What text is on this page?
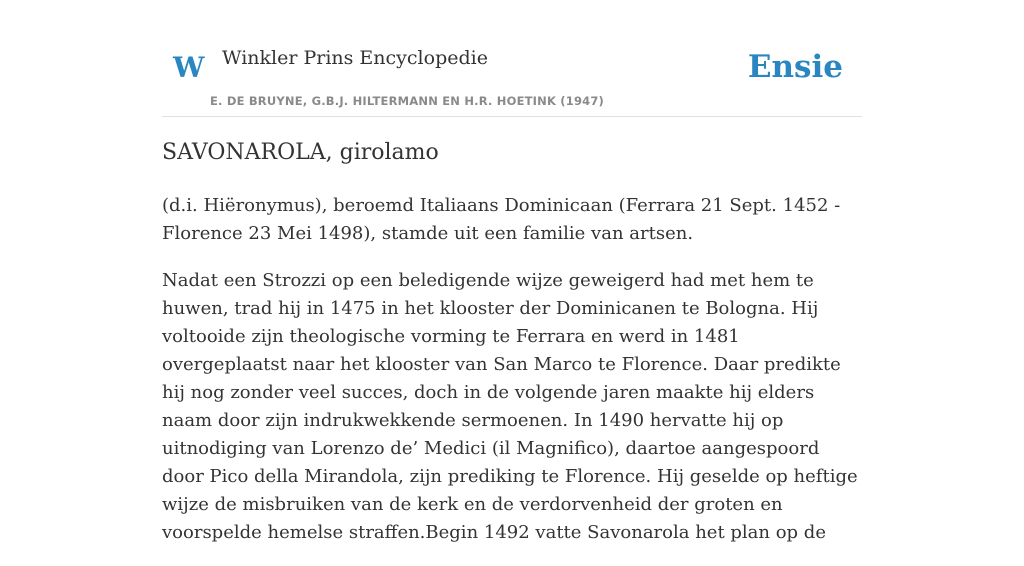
W Winkler Prins Encyclopedie
E. DE BRUYNE, G.B.J. HILTERMANN EN H.R. HOETINK (1947)
Ensie
SAVONAROLA, girolamo

(d.i. Hiëronymus), beroemd Italiaans Dominicaan (Ferrara 21 Sept. 1452 - Florence 23 Mei 1498), stamde uit een familie van artsen.

Nadat een Strozzi op een beledigende wijze geweigerd had met hem te huwen, trad hij in 1475 in het klooster der Dominicanen te Bologna. Hij voltooide zijn theologische vorming te Ferrara en werd in 1481 overgeplaatst naar het klooster van San Marco te Florence. Daar predikte hij nog zonder veel succes, doch in de volgende jaren maakte hij elders naam door zijn indrukwekkende sermoenen. In 1490 hervatte hij op uitnodiging van Lorenzo de’ Medici (il Magnifico), daartoe aangespoord door Pico della Mirandola, zijn prediking te Florence. Hij geselde op heftige wijze de misbruiken van de kerk en de verdorvenheid der groten en voorspelde hemelse straffen.Begin 1492 vatte Savonarola het plan op de
